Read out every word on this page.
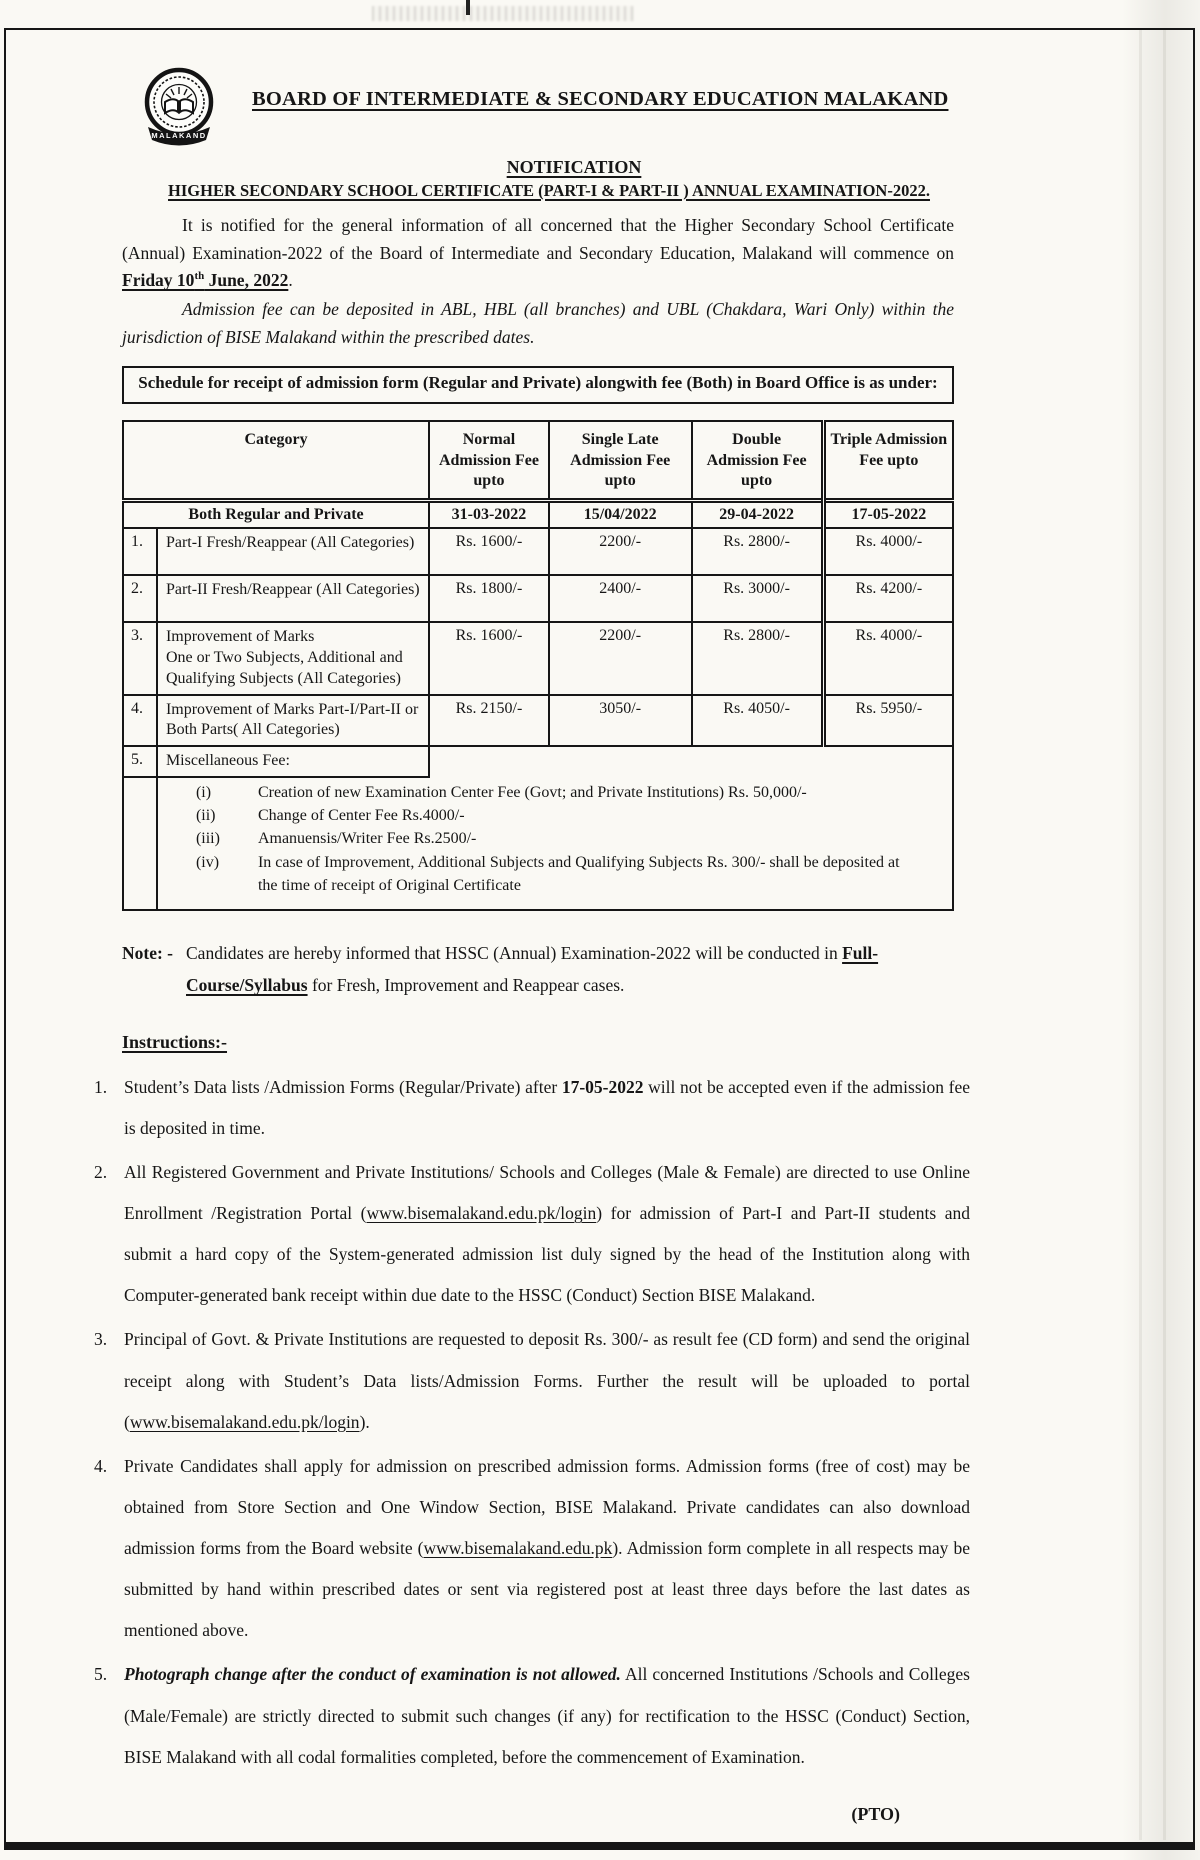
MALAKAND
BOARD OF INTERMEDIATE & SECONDARY EDUCATION MALAKAND
NOTIFICATION
HIGHER SECONDARY SCHOOL CERTIFICATE (PART-I & PART-II ) ANNUAL EXAMINATION-2022.
It is notified for the general information of all concerned that the Higher Secondary School Certificate (Annual) Examination-2022 of the Board of Intermediate and Secondary Education, Malakand will commence on Friday 10th June, 2022.
Admission fee can be deposited in ABL, HBL (all branches) and UBL (Chakdara, Wari Only) within the jurisdiction of BISE Malakand within the prescribed dates.
Schedule for receipt of admission form (Regular and Private) alongwith fee (Both) in Board Office is as under:
Category		Normal Admission Fee upto	Single Late Admission Fee upto	Double Admission Fee upto	Triple Admission Fee upto
Both Regular and Private		31-03-2022	15/04/2022	29-04-2022	17-05-2022
1.	Part-I Fresh/Reappear (All Categories)	Rs. 1600/-	2200/-	Rs. 2800/-	Rs. 4000/-
2.	Part-II Fresh/Reappear (All Categories)	Rs. 1800/-	2400/-	Rs. 3000/-	Rs. 4200/-
3.	Improvement of Marks
One or Two Subjects, Additional and Qualifying Subjects (All Categories)	Rs. 1600/-	2200/-	Rs. 2800/-	Rs. 4000/-
4.	Improvement of Marks Part-I/Part-II or Both Parts( All Categories)	Rs. 2150/-	3050/-	Rs. 4050/-	Rs. 5950/-
5.	Miscellaneous Fee:				

(i)	Creation of new Examination Center Fee (Govt; and Private Institutions) Rs. 50,000/-
(ii)	Change of Center Fee Rs.4000/-
(iii)	Amanuensis/Writer Fee Rs.2500/-
(iv)	In case of Improvement, Additional Subjects and Qualifying Subjects Rs. 300/- shall be deposited at the time of receipt of Original Certificate
Note: - Candidates are hereby informed that HSSC (Annual) Examination-2022 will be conducted in Full-Course/Syllabus for Fresh, Improvement and Reappear cases.
Instructions:-
1. Student’s Data lists /Admission Forms (Regular/Private) after 17-05-2022 will not be accepted even if the admission fee is deposited in time.
2. All Registered Government and Private Institutions/ Schools and Colleges (Male & Female) are directed to use Online Enrollment /Registration Portal (www.bisemalakand.edu.pk/login) for admission of Part-I and Part-II students and submit a hard copy of the System-generated admission list duly signed by the head of the Institution along with Computer-generated bank receipt within due date to the HSSC (Conduct) Section BISE Malakand.
3. Principal of Govt. & Private Institutions are requested to deposit Rs. 300/- as result fee (CD form) and send the original receipt along with Student’s Data lists/Admission Forms. Further the result will be uploaded to portal (www.bisemalakand.edu.pk/login).
4. Private Candidates shall apply for admission on prescribed admission forms. Admission forms (free of cost) may be obtained from Store Section and One Window Section, BISE Malakand. Private candidates can also download admission forms from the Board website (www.bisemalakand.edu.pk). Admission form complete in all respects may be submitted by hand within prescribed dates or sent via registered post at least three days before the last dates as mentioned above.
5. Photograph change after the conduct of examination is not allowed. All concerned Institutions /Schools and Colleges (Male/Female) are strictly directed to submit such changes (if any) for rectification to the HSSC (Conduct) Section, BISE Malakand with all codal formalities completed, before the commencement of Examination.
(PTO)
